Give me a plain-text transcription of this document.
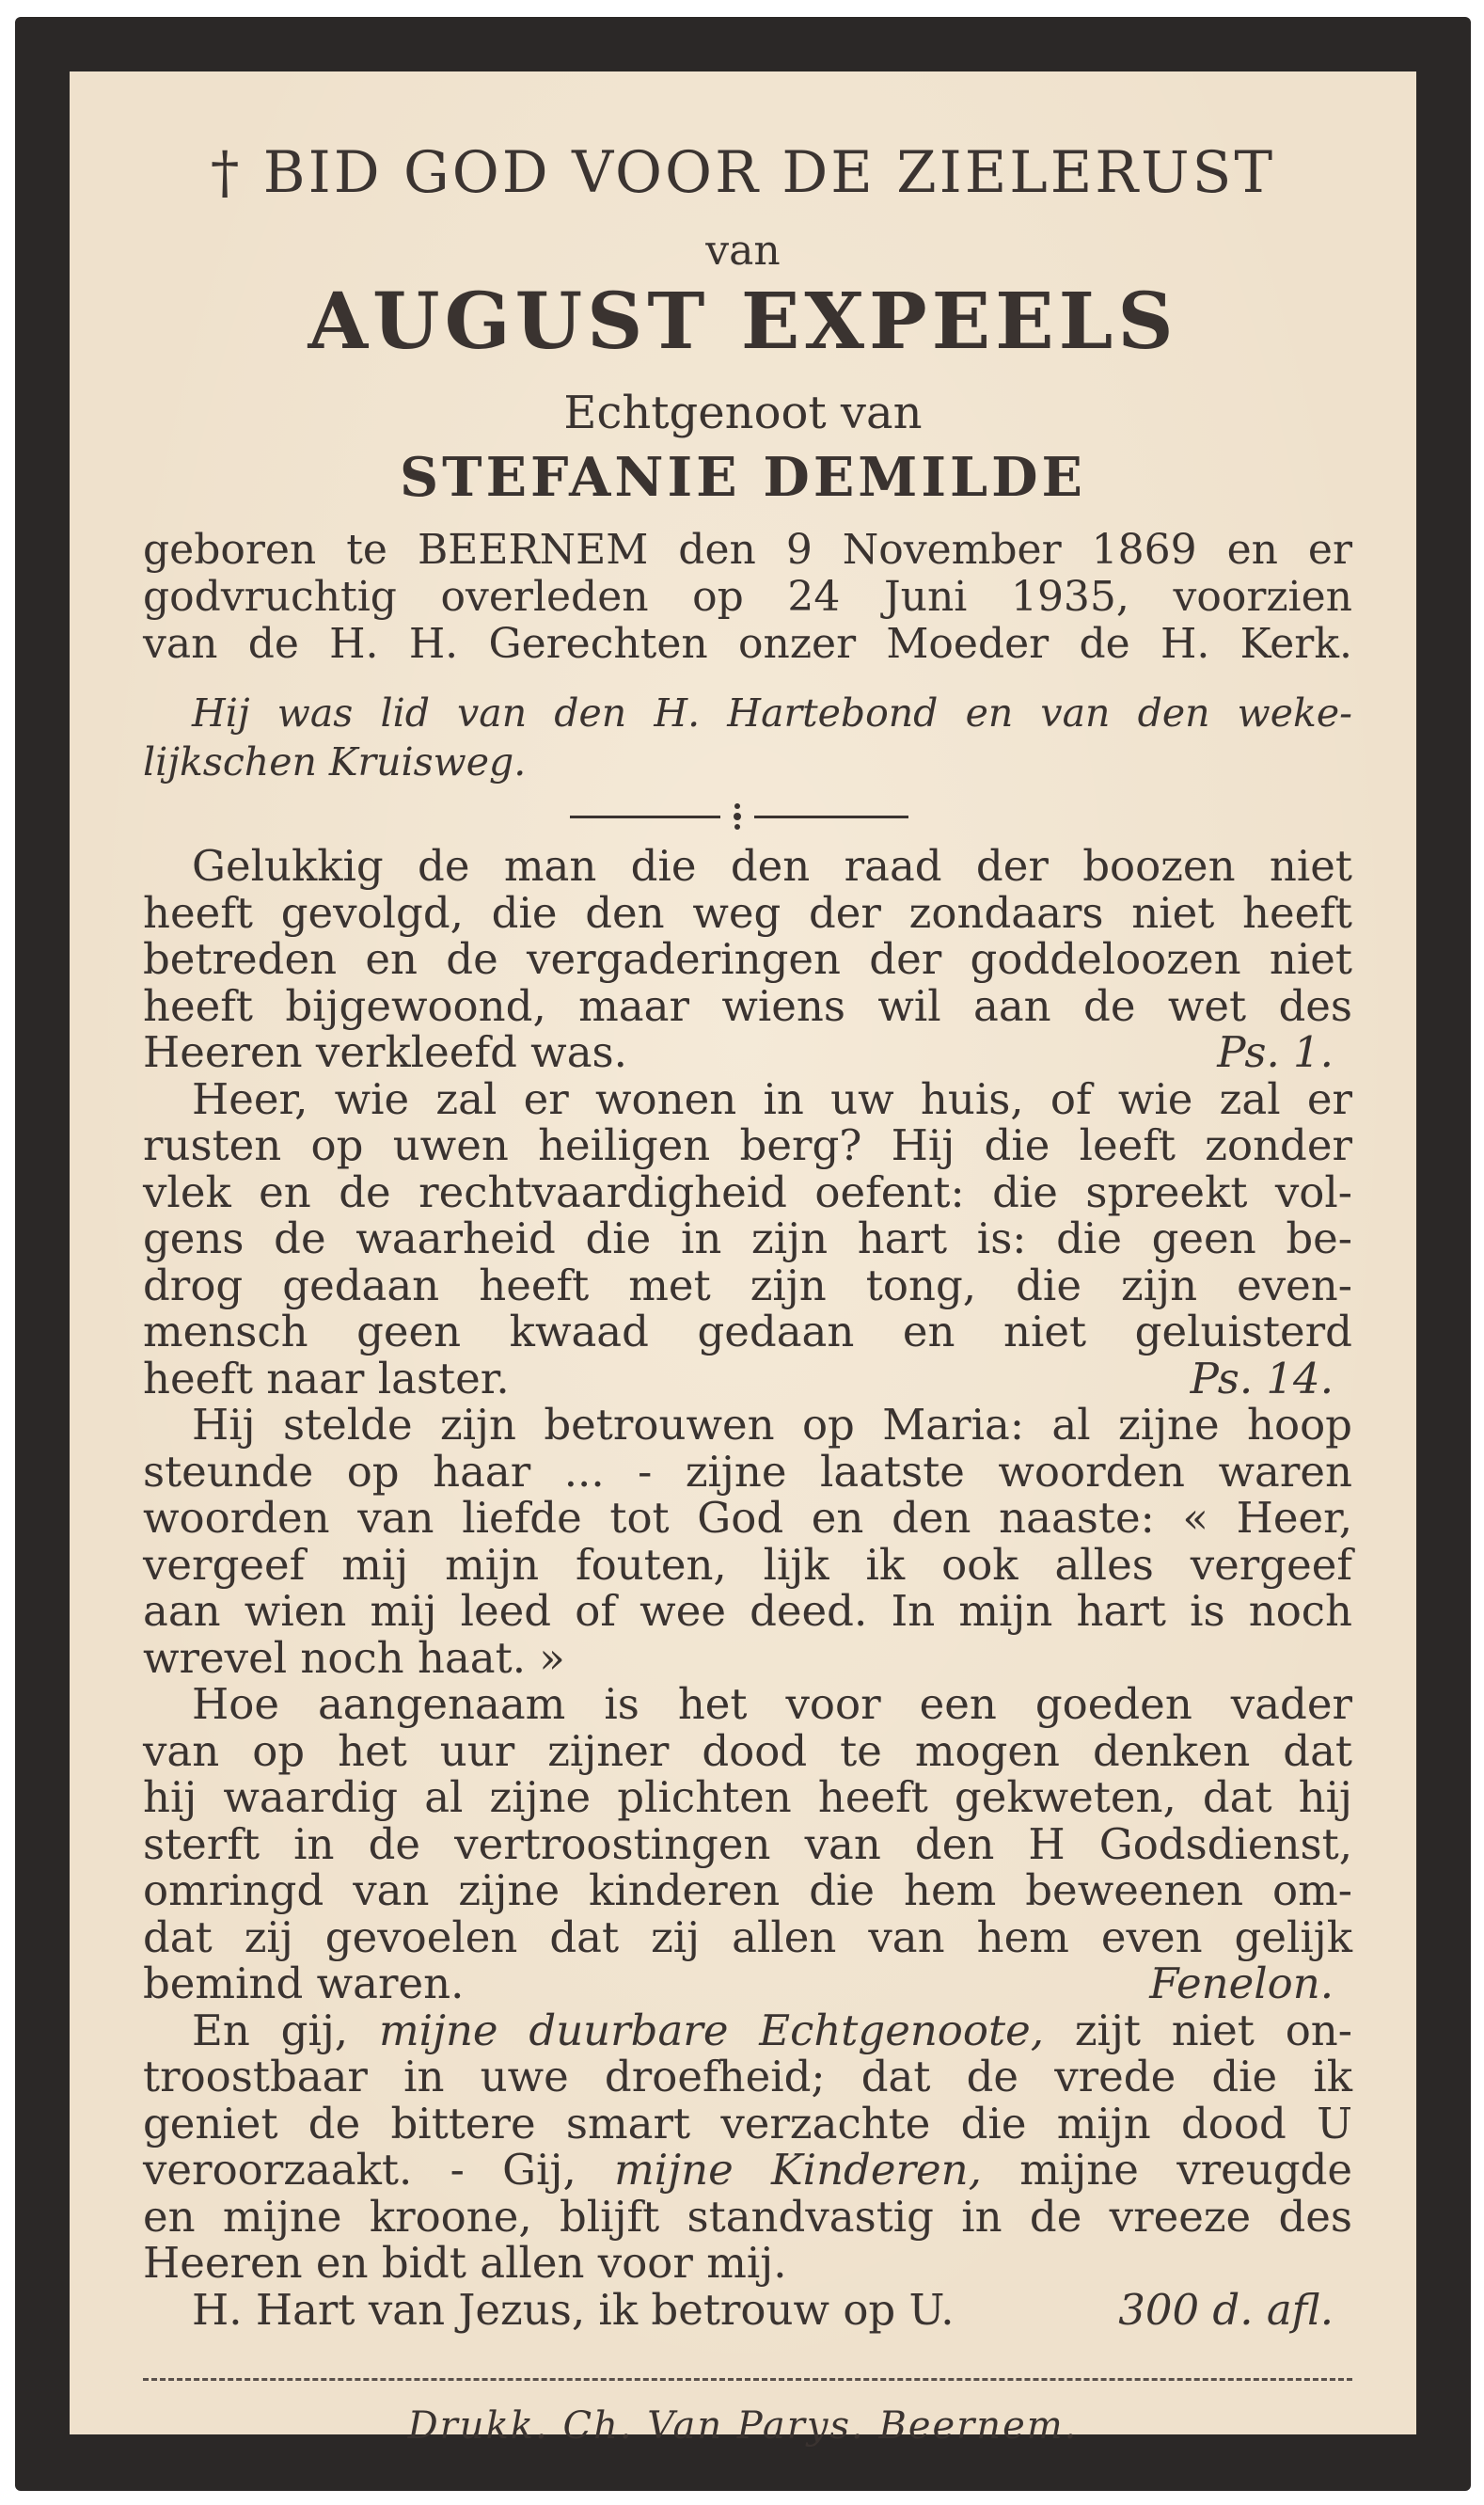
† BID GOD VOOR DE ZIELERUST
van
AUGUST EXPEELS
Echtgenoot van
STEFANIE DEMILDE
geboren te BEERNEM den 9 November 1869 en er
godvruchtig overleden op 24 Juni 1935, voorzien
van de H. H. Gerechten onzer Moeder de H. Kerk.
Hij was lid van den H. Hartebond en van den weke-
lijkschen Kruisweg.
Gelukkig de man die den raad der boozen niet
heeft gevolgd, die den weg der zondaars niet heeft
betreden en de vergaderingen der goddeloozen niet
heeft bijgewoond, maar wiens wil aan de wet des
Heeren verkleefd was.	Ps. 1.
Heer, wie zal er wonen in uw huis, of wie zal er
rusten op uwen heiligen berg? Hij die leeft zonder
vlek en de rechtvaardigheid oefent: die spreekt vol-
gens de waarheid die in zijn hart is: die geen be-
drog gedaan heeft met zijn tong, die zijn even-
mensch geen kwaad gedaan en niet geluisterd
heeft naar laster.	Ps. 14.
Hij stelde zijn betrouwen op Maria: al zijne hoop
steunde op haar ... - zijne laatste woorden waren
woorden van liefde tot God en den naaste: « Heer,
vergeef mij mijn fouten, lijk ik ook alles vergeef
aan wien mij leed of wee deed. In mijn hart is noch
wrevel noch haat. »
Hoe aangenaam is het voor een goeden vader
van op het uur zijner dood te mogen denken dat
hij waardig al zijne plichten heeft gekweten, dat hij
sterft in de vertroostingen van den H Godsdienst,
omringd van zijne kinderen die hem beweenen om-
dat zij gevoelen dat zij allen van hem even gelijk
bemind waren.	Fenelon.
En gij, mijne duurbare Echtgenoote, zijt niet on-
troostbaar in uwe droefheid; dat de vrede die ik
geniet de bittere smart verzachte die mijn dood U
veroorzaakt. - Gij, mijne Kinderen, mijne vreugde
en mijne kroone, blijft standvastig in de vreeze des
Heeren en bidt allen voor mij.
H. Hart van Jezus, ik betrouw op U.	300 d. afl.
Drukk. Ch. Van Parys. Beernem.
